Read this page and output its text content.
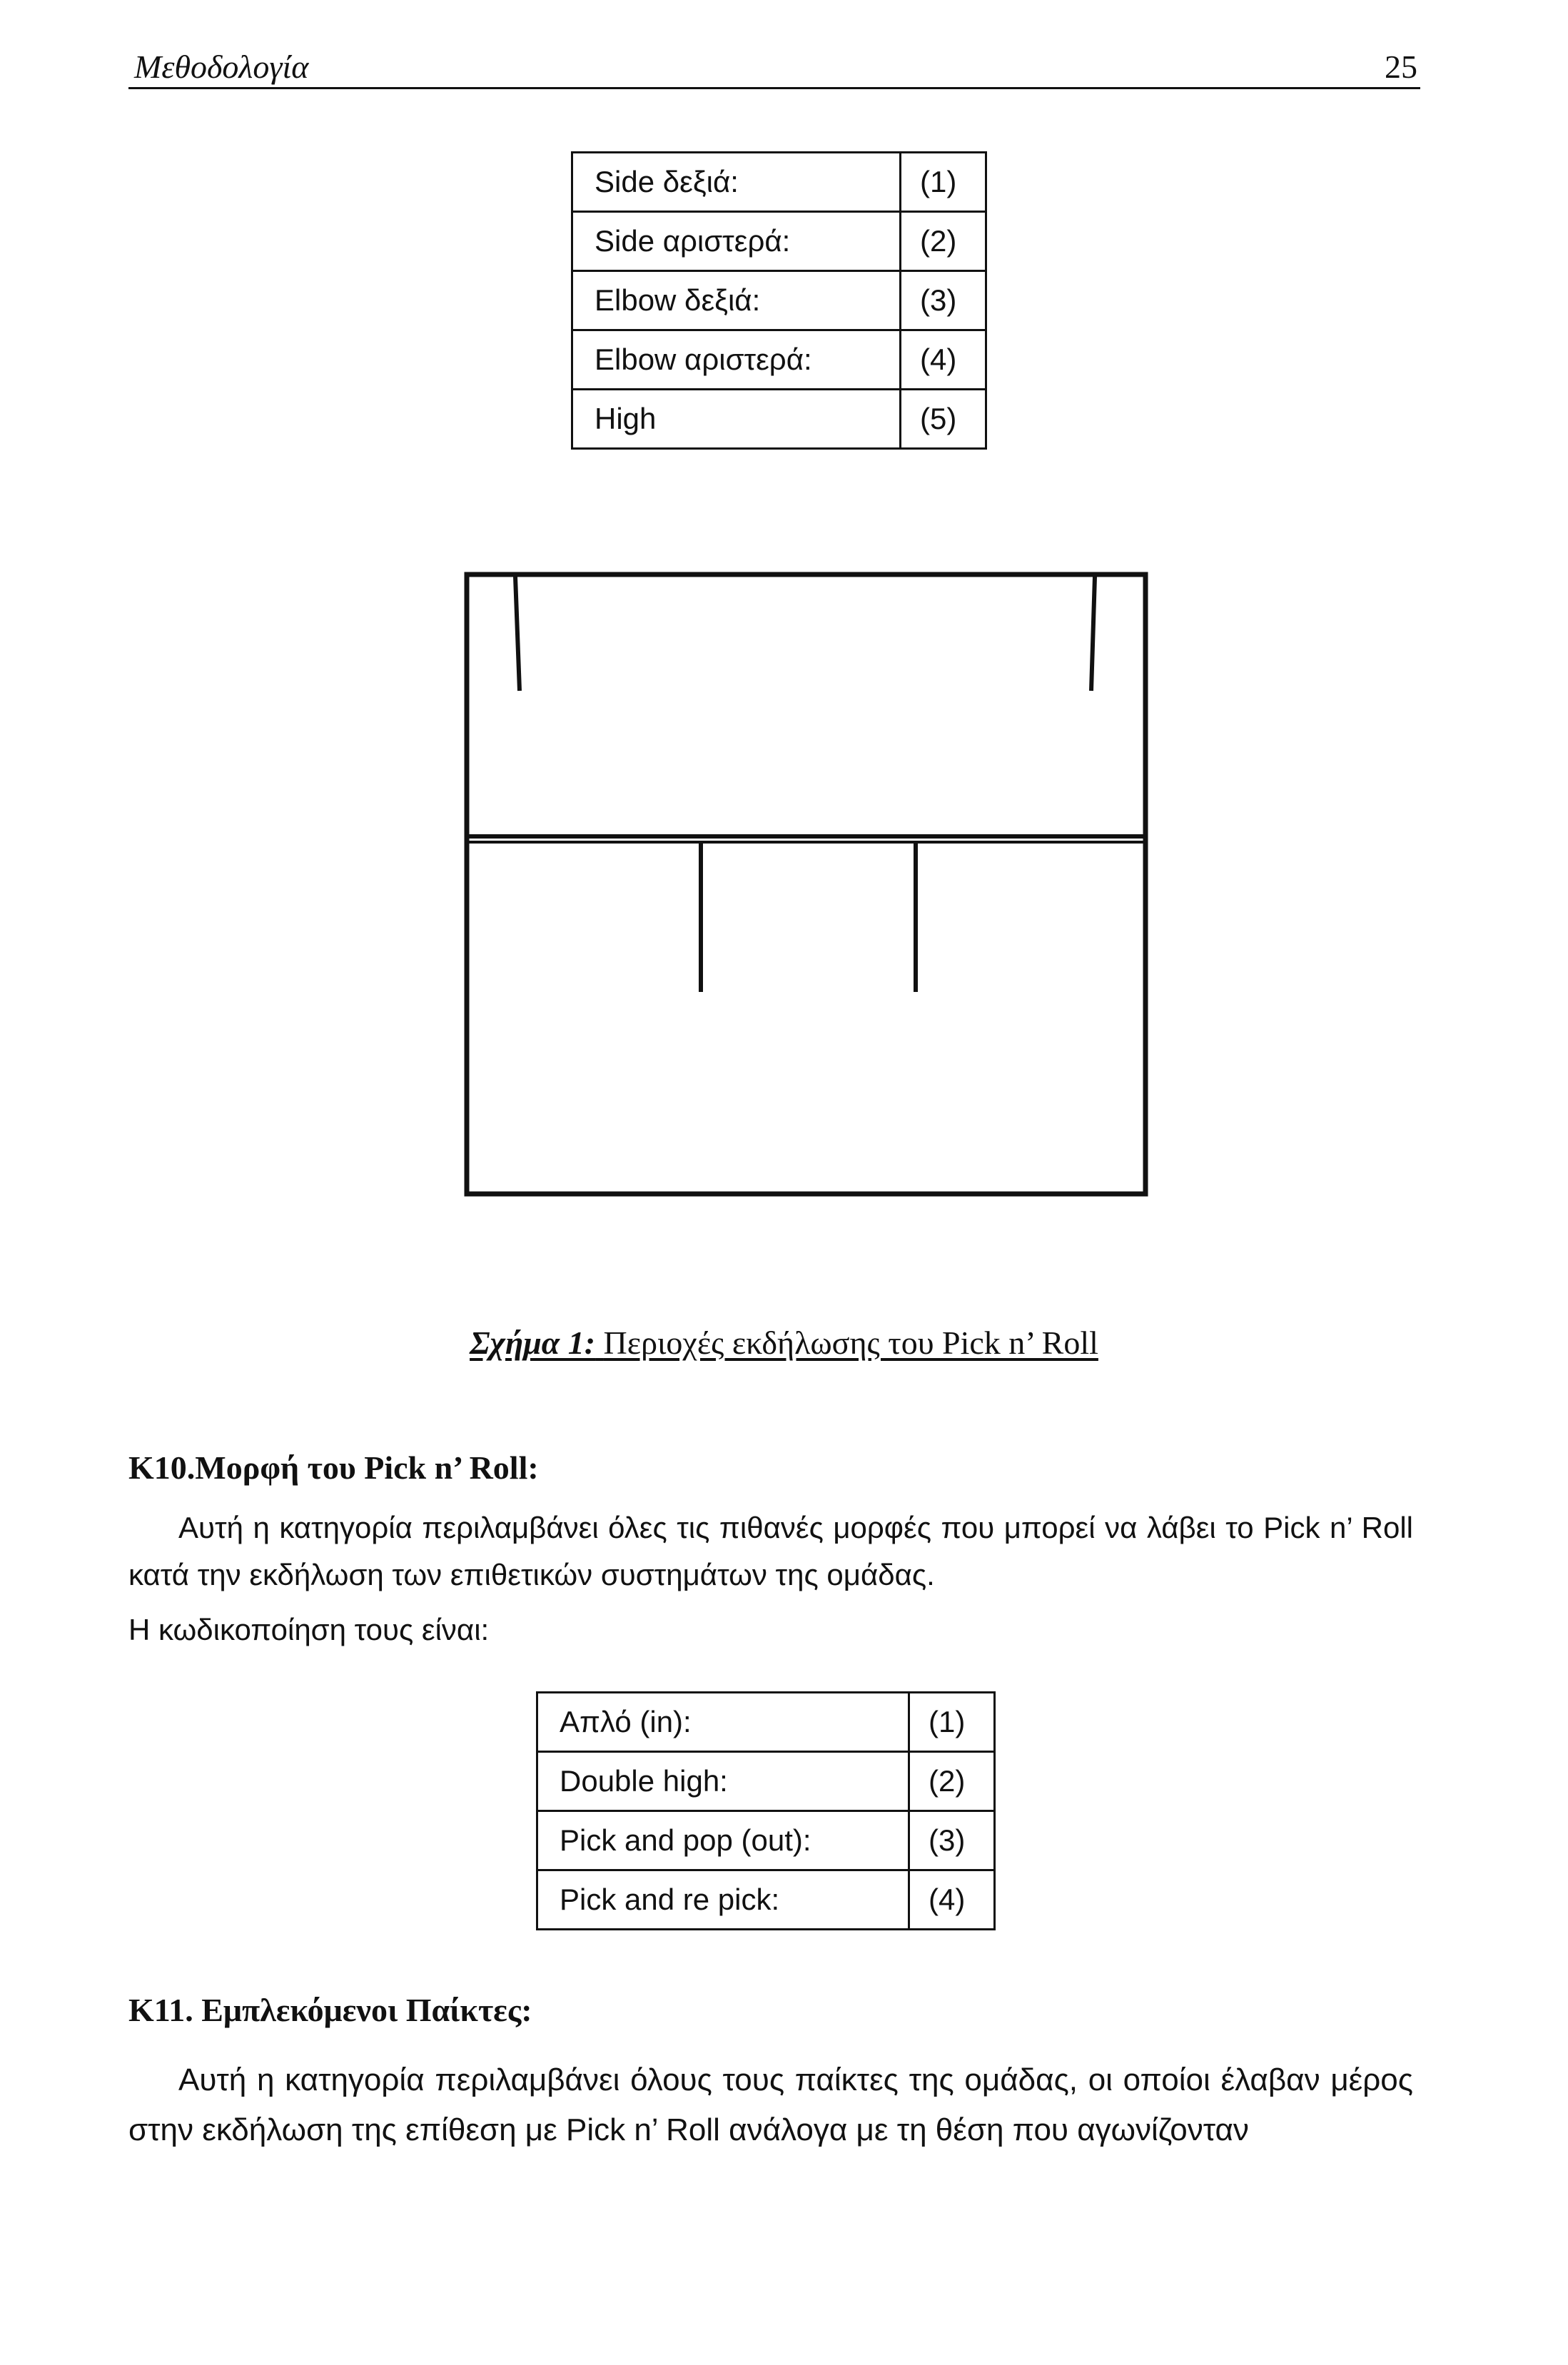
Μεθοδολογία	25
Side δεξιά:	(1)
Side αριστερά:	(2)
Elbow δεξιά:	(3)
Elbow αριστερά:	(4)
High	(5)
Σχήμα 1: Περιοχές εκδήλωσης του Pick n’ Roll
Κ10.Μορφή του Pick n’ Roll:
Αυτή η κατηγορία περιλαμβάνει όλες τις πιθανές μορφές που μπορεί να λάβει το Pick n’ Roll κατά την εκδήλωση των επιθετικών συστημάτων της ομάδας.
Η κωδικοποίηση τους είναι:
Απλό (in):	(1)
Double high:	(2)
Pick and pop (out):	(3)
Pick and re pick:	(4)
Κ11. Εμπλεκόμενοι Παίκτες:
Αυτή η κατηγορία περιλαμβάνει όλους τους παίκτες της ομάδας, οι οποίοι έλαβαν μέρος στην εκδήλωση της επίθεση με Pick n’ Roll ανάλογα με τη θέση που αγωνίζονταν
